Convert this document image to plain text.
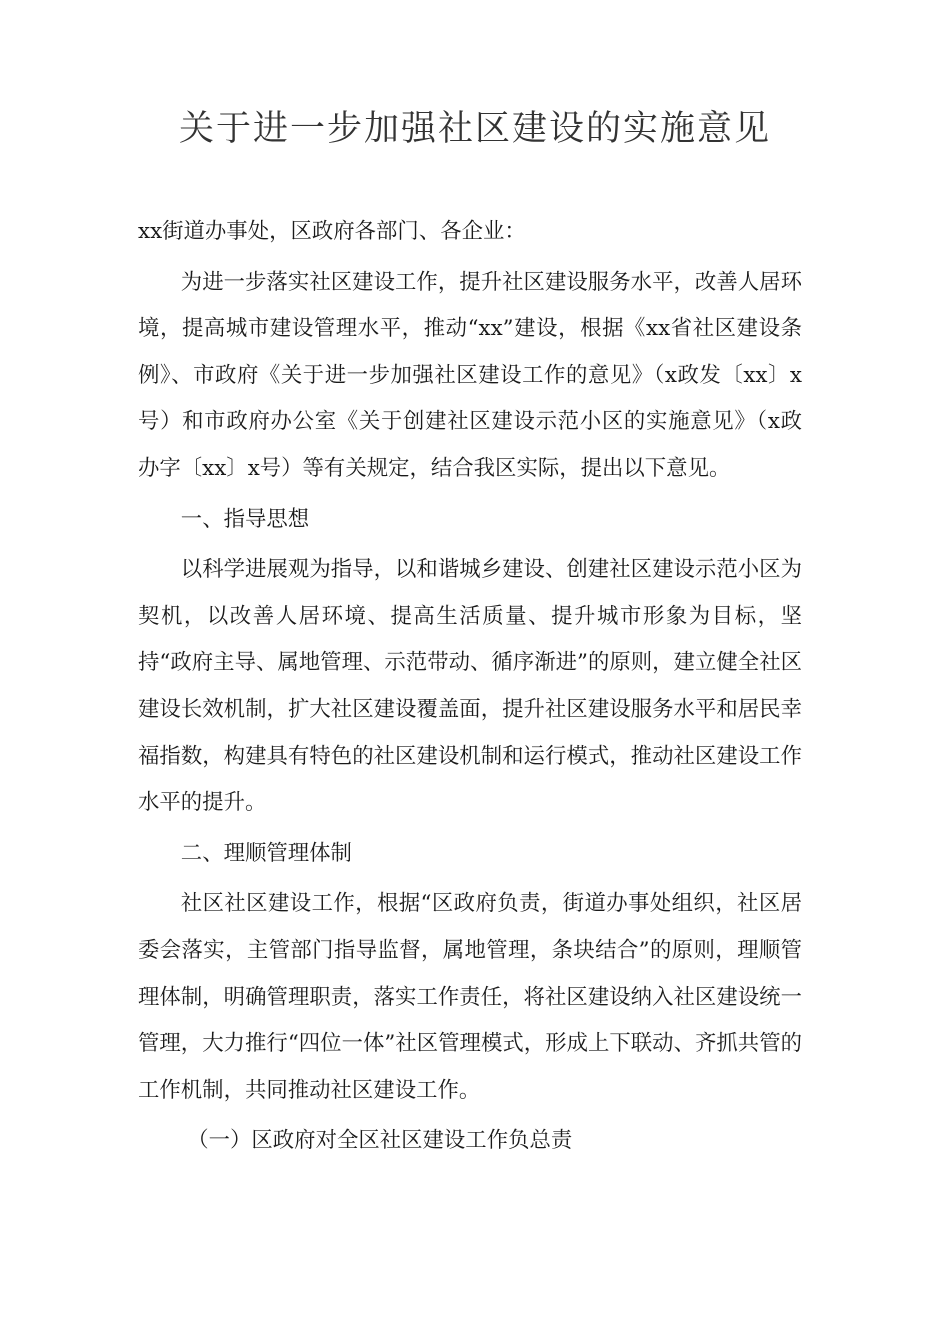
关于进一步加强社区建设的实施意见

xx街道办事处，区政府各部门、各企业：

为进一步落实社区建设工作，提升社区建设服务水平，改善人居环境，提高城市建设管理水平，推动“xx”建设，根据《xx省社区建设条例》、市政府《关于进一步加强社区建设工作的意见》（x政发〔xx〕x号）和市政府办公室《关于创建社区建设示范小区的实施意见》（x政办字〔xx〕x号）等有关规定，结合我区实际，提出以下意见。

一、指导思想

以科学进展观为指导，以和谐城乡建设、创建社区建设示范小区为契机，以改善人居环境、提高生活质量、提升城市形象为目标，坚持“政府主导、属地管理、示范带动、循序渐进”的原则，建立健全社区建设长效机制，扩大社区建设覆盖面，提升社区建设服务水平和居民幸福指数，构建具有特色的社区建设机制和运行模式，推动社区建设工作水平的提升。

二、理顺管理体制

社区社区建设工作，根据“区政府负责，街道办事处组织，社区居委会落实，主管部门指导监督，属地管理，条块结合”的原则，理顺管理体制，明确管理职责，落实工作责任，将社区建设纳入社区建设统一管理，大力推行“四位一体”社区管理模式，形成上下联动、齐抓共管的工作机制，共同推动社区建设工作。

（一）区政府对全区社区建设工作负总责
